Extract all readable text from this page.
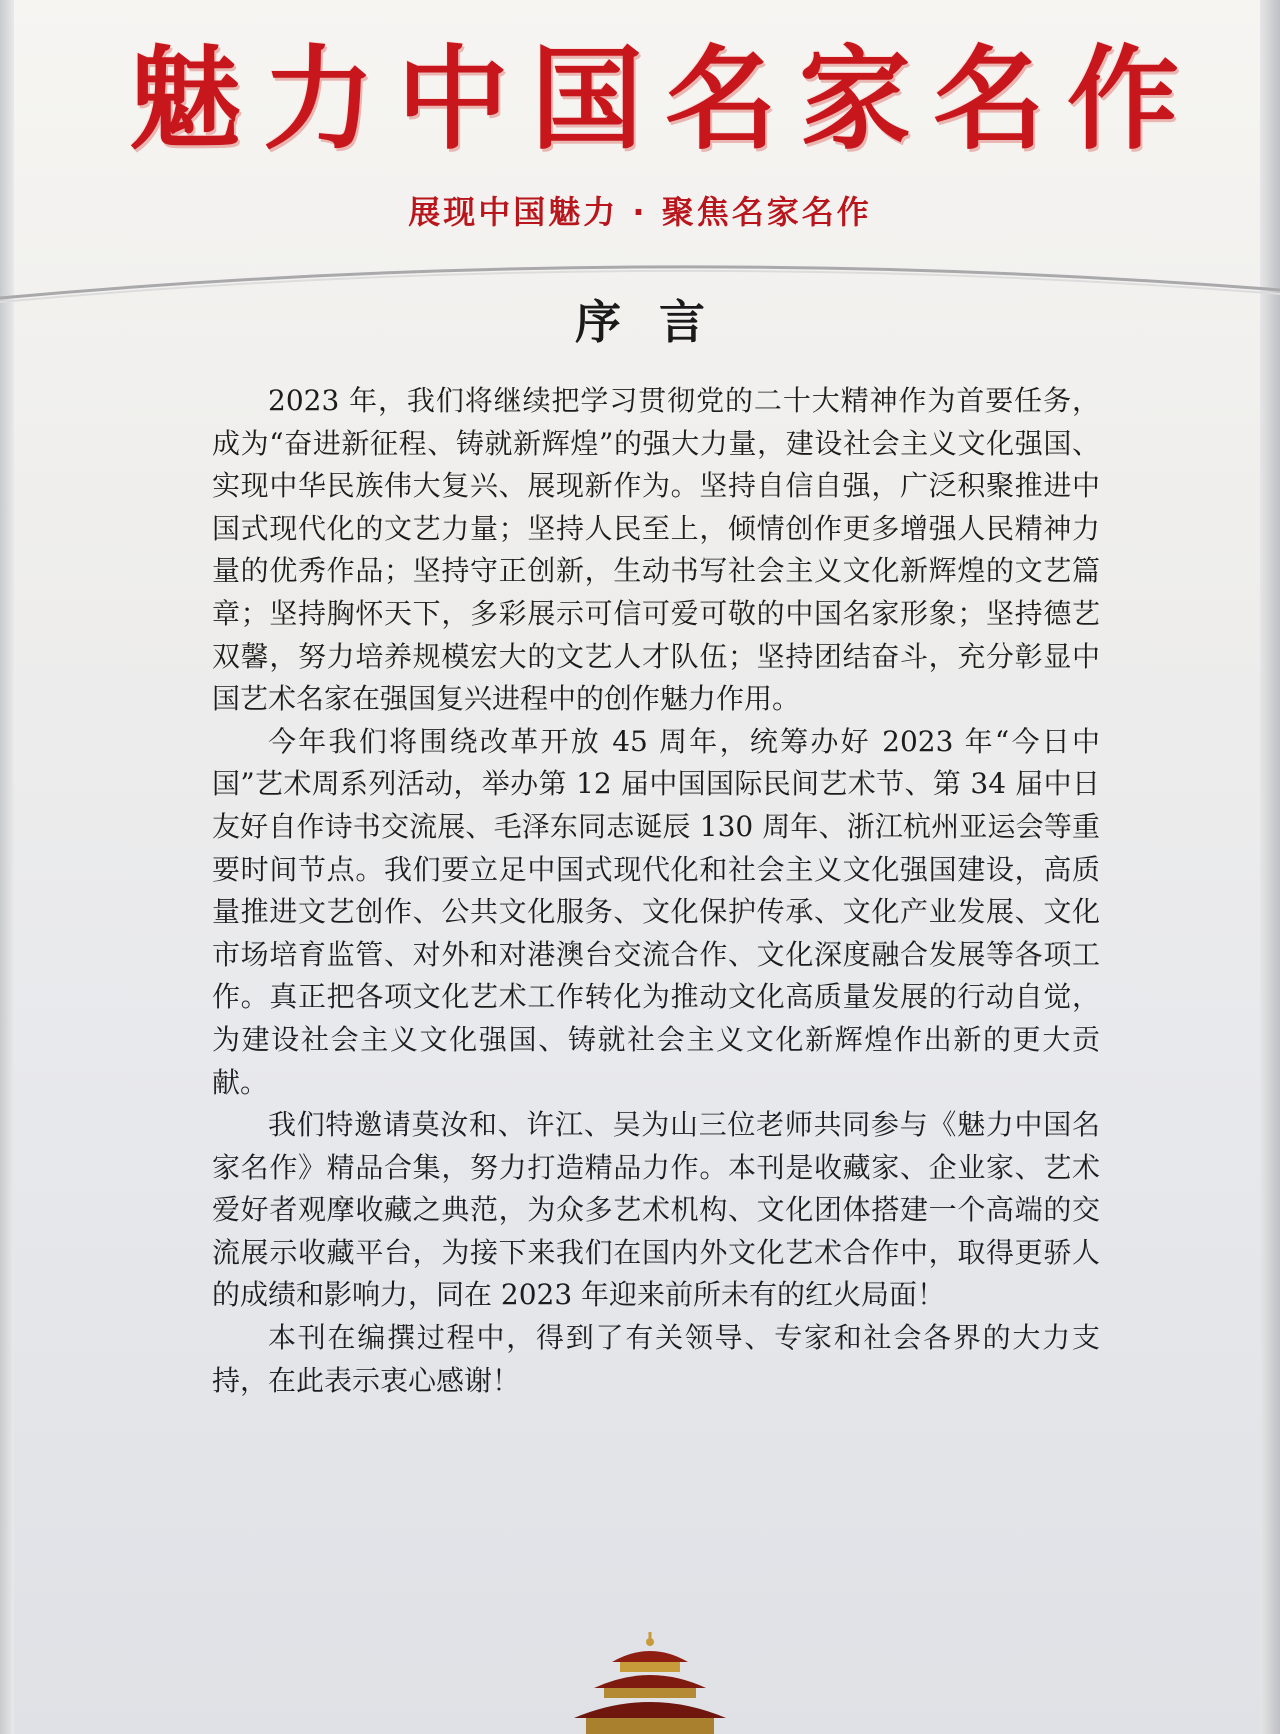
魅力中国名家名作
展现中国魅力 · 聚焦名家名作
序言

2023 年，我们将继续把学习贯彻党的二十大精神作为首要任务，成为“奋进新征程、铸就新辉煌”的强大力量，建设社会主义文化强国、实现中华民族伟大复兴、展现新作为。坚持自信自强，广泛积聚推进中国式现代化的文艺力量；坚持人民至上，倾情创作更多增强人民精神力量的优秀作品；坚持守正创新，生动书写社会主义文化新辉煌的文艺篇章；坚持胸怀天下，多彩展示可信可爱可敬的中国名家形象；坚持德艺双馨，努力培养规模宏大的文艺人才队伍；坚持团结奋斗，充分彰显中国艺术名家在强国复兴进程中的创作魅力作用。

今年我们将围绕改革开放 45 周年，统筹办好 2023 年“今日中国”艺术周系列活动，举办第 12 届中国国际民间艺术节、第 34 届中日友好自作诗书交流展、毛泽东同志诞辰 130 周年、浙江杭州亚运会等重要时间节点。我们要立足中国式现代化和社会主义文化强国建设，高质量推进文艺创作、公共文化服务、文化保护传承、文化产业发展、文化市场培育监管、对外和对港澳台交流合作、文化深度融合发展等各项工作。真正把各项文化艺术工作转化为推动文化高质量发展的行动自觉，为建设社会主义文化强国、铸就社会主义文化新辉煌作出新的更大贡献。

我们特邀请莫汝和、许江、吴为山三位老师共同参与《魅力中国名家名作》精品合集，努力打造精品力作。本刊是收藏家、企业家、艺术爱好者观摩收藏之典范，为众多艺术机构、文化团体搭建一个高端的交流展示收藏平台，为接下来我们在国内外文化艺术合作中，取得更骄人的成绩和影响力，同在 2023 年迎来前所未有的红火局面！

本刊在编撰过程中，得到了有关领导、专家和社会各界的大力支持，在此表示衷心感谢！
